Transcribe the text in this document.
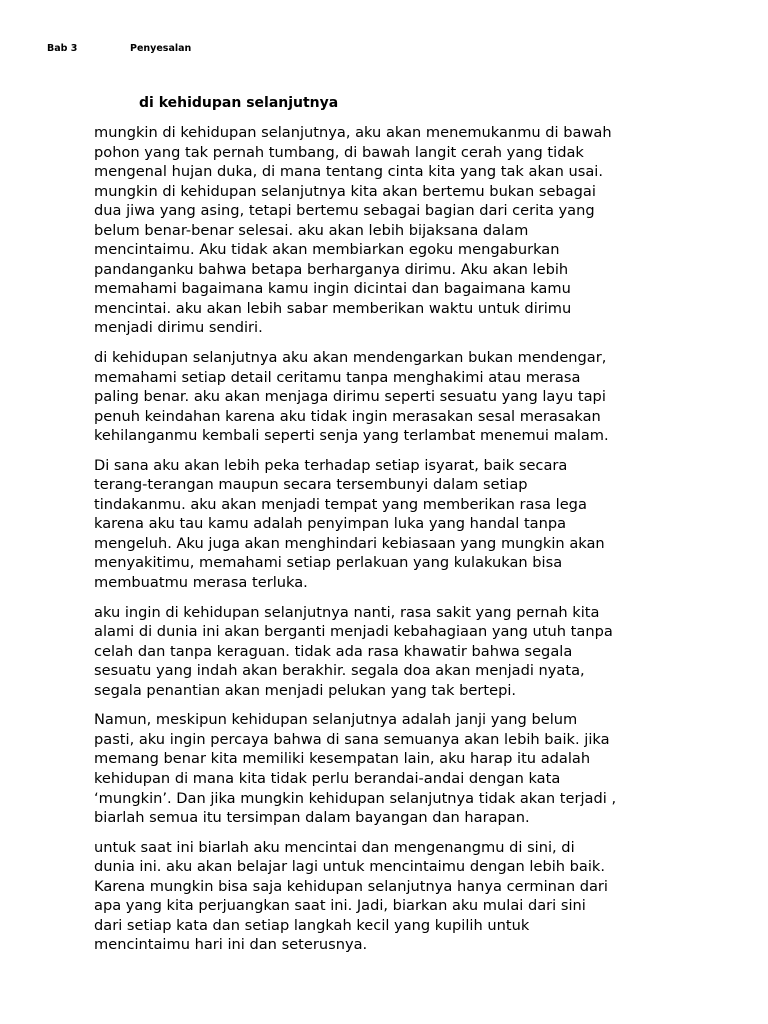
Bab 3	Penyesalan
di kehidupan selanjutnya
mungkin di kehidupan selanjutnya, aku akan menemukanmu di bawah
pohon yang tak pernah tumbang, di bawah langit cerah yang tidak
mengenal hujan duka, di mana tentang cinta kita yang tak akan usai.
mungkin di kehidupan selanjutnya kita akan bertemu bukan sebagai
dua jiwa yang asing, tetapi bertemu sebagai bagian dari cerita yang
belum benar-benar selesai. aku akan lebih bijaksana dalam
mencintaimu. Aku tidak akan membiarkan egoku mengaburkan
pandanganku bahwa betapa berharganya dirimu. Aku akan lebih
memahami bagaimana kamu ingin dicintai dan bagaimana kamu
mencintai. aku akan lebih sabar memberikan waktu untuk dirimu
menjadi dirimu sendiri.
di kehidupan selanjutnya aku akan mendengarkan bukan mendengar,
memahami setiap detail ceritamu tanpa menghakimi atau merasa
paling benar. aku akan menjaga dirimu seperti sesuatu yang layu tapi
penuh keindahan karena aku tidak ingin merasakan sesal merasakan
kehilanganmu kembali seperti senja yang terlambat menemui malam.
Di sana aku akan lebih peka terhadap setiap isyarat, baik secara
terang-terangan maupun secara tersembunyi dalam setiap
tindakanmu. aku akan menjadi tempat yang memberikan rasa lega
karena aku tau kamu adalah penyimpan luka yang handal tanpa
mengeluh. Aku juga akan menghindari kebiasaan yang mungkin akan
menyakitimu, memahami setiap perlakuan yang kulakukan bisa
membuatmu merasa terluka.
aku ingin di kehidupan selanjutnya nanti, rasa sakit yang pernah kita
alami di dunia ini akan berganti menjadi kebahagiaan yang utuh tanpa
celah dan tanpa keraguan. tidak ada rasa khawatir bahwa segala
sesuatu yang indah akan berakhir. segala doa akan menjadi nyata,
segala penantian akan menjadi pelukan yang tak bertepi.
Namun, meskipun kehidupan selanjutnya adalah janji yang belum
pasti, aku ingin percaya bahwa di sana semuanya akan lebih baik. jika
memang benar kita memiliki kesempatan lain, aku harap itu adalah
kehidupan di mana kita tidak perlu berandai-andai dengan kata
‘mungkin’. Dan jika mungkin kehidupan selanjutnya tidak akan terjadi ,
biarlah semua itu tersimpan dalam bayangan dan harapan.
untuk saat ini biarlah aku mencintai dan mengenangmu di sini, di
dunia ini. aku akan belajar lagi untuk mencintaimu dengan lebih baik.
Karena mungkin bisa saja kehidupan selanjutnya hanya cerminan dari
apa yang kita perjuangkan saat ini. Jadi, biarkan aku mulai dari sini
dari setiap kata dan setiap langkah kecil yang kupilih untuk
mencintaimu hari ini dan seterusnya.
